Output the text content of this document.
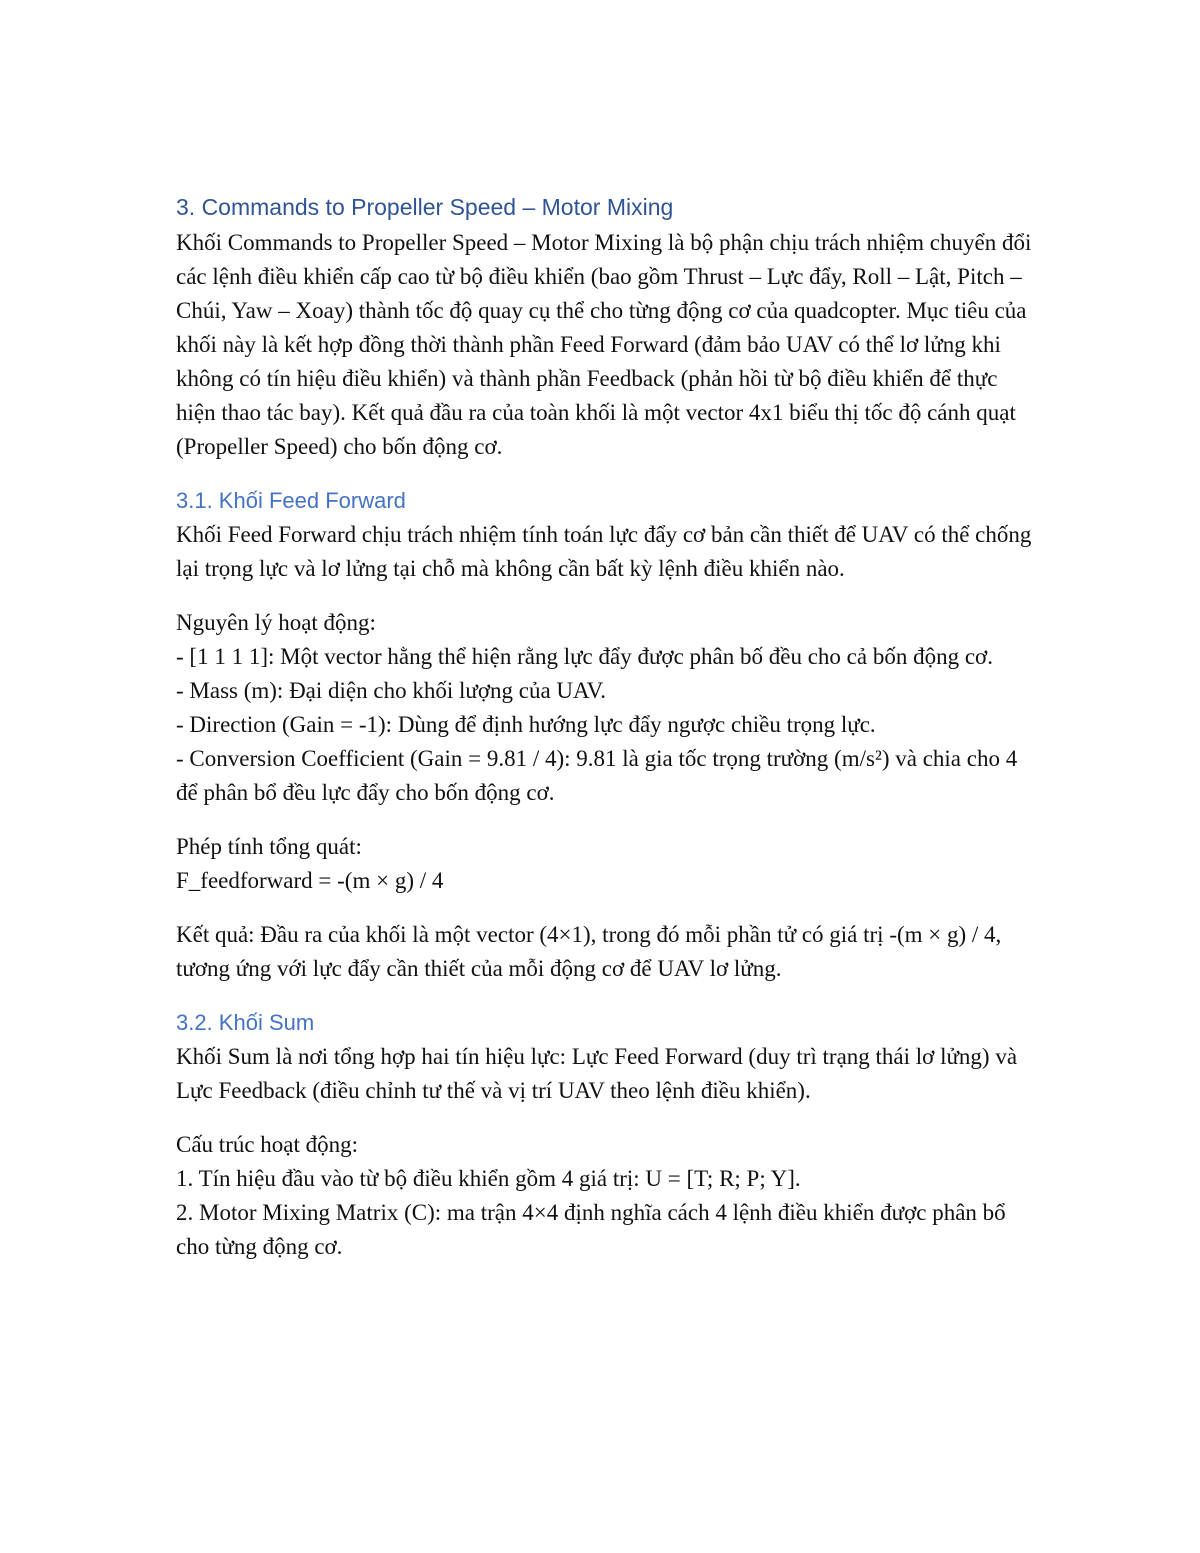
3. Commands to Propeller Speed – Motor Mixing

Khối Commands to Propeller Speed – Motor Mixing là bộ phận chịu trách nhiệm chuyển đổi các lệnh điều khiển cấp cao từ bộ điều khiển (bao gồm Thrust – Lực đẩy, Roll – Lật, Pitch – Chúi, Yaw – Xoay) thành tốc độ quay cụ thể cho từng động cơ của quadcopter. Mục tiêu của khối này là kết hợp đồng thời thành phần Feed Forward (đảm bảo UAV có thể lơ lửng khi không có tín hiệu điều khiển) và thành phần Feedback (phản hồi từ bộ điều khiển để thực hiện thao tác bay). Kết quả đầu ra của toàn khối là một vector 4x1 biểu thị tốc độ cánh quạt (Propeller Speed) cho bốn động cơ.

3.1. Khối Feed Forward

Khối Feed Forward chịu trách nhiệm tính toán lực đẩy cơ bản cần thiết để UAV có thể chống lại trọng lực và lơ lửng tại chỗ mà không cần bất kỳ lệnh điều khiển nào.

Nguyên lý hoạt động:

- [1 1 1 1]: Một vector hằng thể hiện rằng lực đẩy được phân bố đều cho cả bốn động cơ.

- Mass (m): Đại diện cho khối lượng của UAV.

- Direction (Gain = -1): Dùng để định hướng lực đẩy ngược chiều trọng lực.

- Conversion Coefficient (Gain = 9.81 / 4): 9.81 là gia tốc trọng trường (m/s²) và chia cho 4 để phân bổ đều lực đẩy cho bốn động cơ.

Phép tính tổng quát:

F_feedforward = -(m × g) / 4

Kết quả: Đầu ra của khối là một vector (4×1), trong đó mỗi phần tử có giá trị -(m × g) / 4, tương ứng với lực đẩy cần thiết của mỗi động cơ để UAV lơ lửng.

3.2. Khối Sum

Khối Sum là nơi tổng hợp hai tín hiệu lực: Lực Feed Forward (duy trì trạng thái lơ lửng) và Lực Feedback (điều chỉnh tư thế và vị trí UAV theo lệnh điều khiển).

Cấu trúc hoạt động:

1. Tín hiệu đầu vào từ bộ điều khiển gồm 4 giá trị: U = [T; R; P; Y].

2. Motor Mixing Matrix (C): ma trận 4×4 định nghĩa cách 4 lệnh điều khiển được phân bổ cho từng động cơ.
